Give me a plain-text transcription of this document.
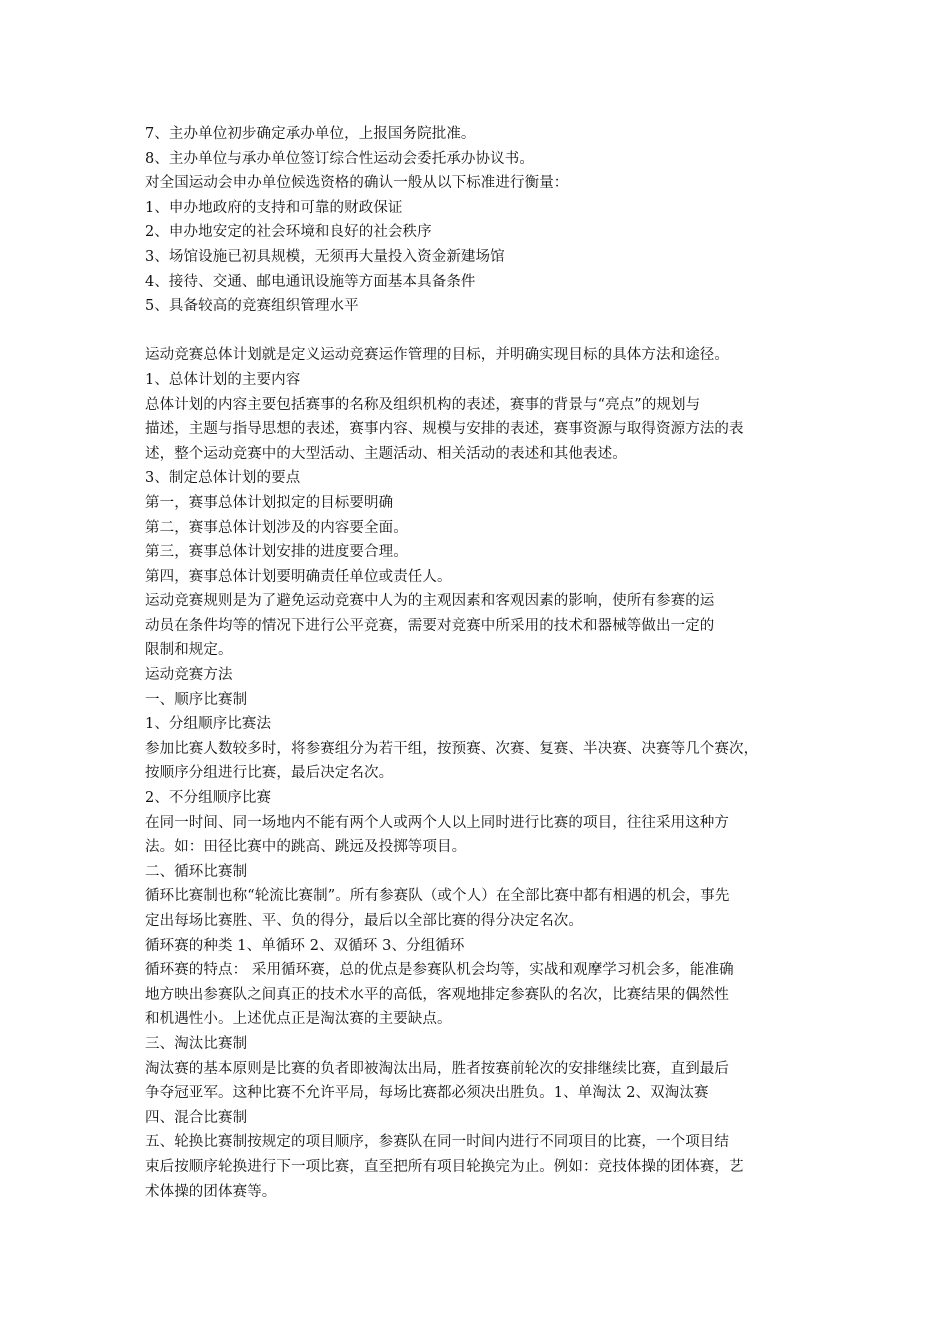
7、主办单位初步确定承办单位，上报国务院批准。
8、主办单位与承办单位签订综合性运动会委托承办协议书。
对全国运动会申办单位候选资格的确认一般从以下标准进行衡量：
1、申办地政府的支持和可靠的财政保证
2、申办地安定的社会环境和良好的社会秩序
3、场馆设施已初具规模，无须再大量投入资金新建场馆
4、接待、交通、邮电通讯设施等方面基本具备条件
5、具备较高的竞赛组织管理水平
运动竞赛总体计划就是定义运动竞赛运作管理的目标，并明确实现目标的具体方法和途径。
1、总体计划的主要内容
总体计划的内容主要包括赛事的名称及组织机构的表述，赛事的背景与“亮点”的规划与
描述，主题与指导思想的表述，赛事内容、规模与安排的表述，赛事资源与取得资源方法的表
述，整个运动竞赛中的大型活动、主题活动、相关活动的表述和其他表述。
3、制定总体计划的要点
第一，赛事总体计划拟定的目标要明确
第二，赛事总体计划涉及的内容要全面。
第三，赛事总体计划安排的进度要合理。
第四，赛事总体计划要明确责任单位或责任人。
运动竞赛规则是为了避免运动竞赛中人为的主观因素和客观因素的影响，使所有参赛的运
动员在条件均等的情况下进行公平竞赛，需要对竞赛中所采用的技术和器械等做出一定的
限制和规定。
运动竞赛方法
一、顺序比赛制
1、分组顺序比赛法
参加比赛人数较多时，将参赛组分为若干组，按预赛、次赛、复赛、半决赛、决赛等几个赛次，
按顺序分组进行比赛，最后决定名次。
2、不分组顺序比赛
在同一时间、同一场地内不能有两个人或两个人以上同时进行比赛的项目，往往采用这种方
法。如：田径比赛中的跳高、跳远及投掷等项目。
二、循环比赛制
循环比赛制也称“轮流比赛制”。所有参赛队（或个人）在全部比赛中都有相遇的机会，事先
定出每场比赛胜、平、负的得分，最后以全部比赛的得分决定名次。
循环赛的种类 1、单循环 2、双循环 3、分组循环
循环赛的特点： 采用循环赛，总的优点是参赛队机会均等，实战和观摩学习机会多，能准确
地方映出参赛队之间真正的技术水平的高低，客观地排定参赛队的名次，比赛结果的偶然性
和机遇性小。上述优点正是淘汰赛的主要缺点。
三、淘汰比赛制
淘汰赛的基本原则是比赛的负者即被淘汰出局，胜者按赛前轮次的安排继续比赛，直到最后
争夺冠亚军。这种比赛不允许平局，每场比赛都必须决出胜负。1、单淘汰 2、双淘汰赛
四、混合比赛制
五、轮换比赛制按规定的项目顺序，参赛队在同一时间内进行不同项目的比赛，一个项目结
束后按顺序轮换进行下一项比赛，直至把所有项目轮换完为止。例如：竞技体操的团体赛，艺
术体操的团体赛等。
